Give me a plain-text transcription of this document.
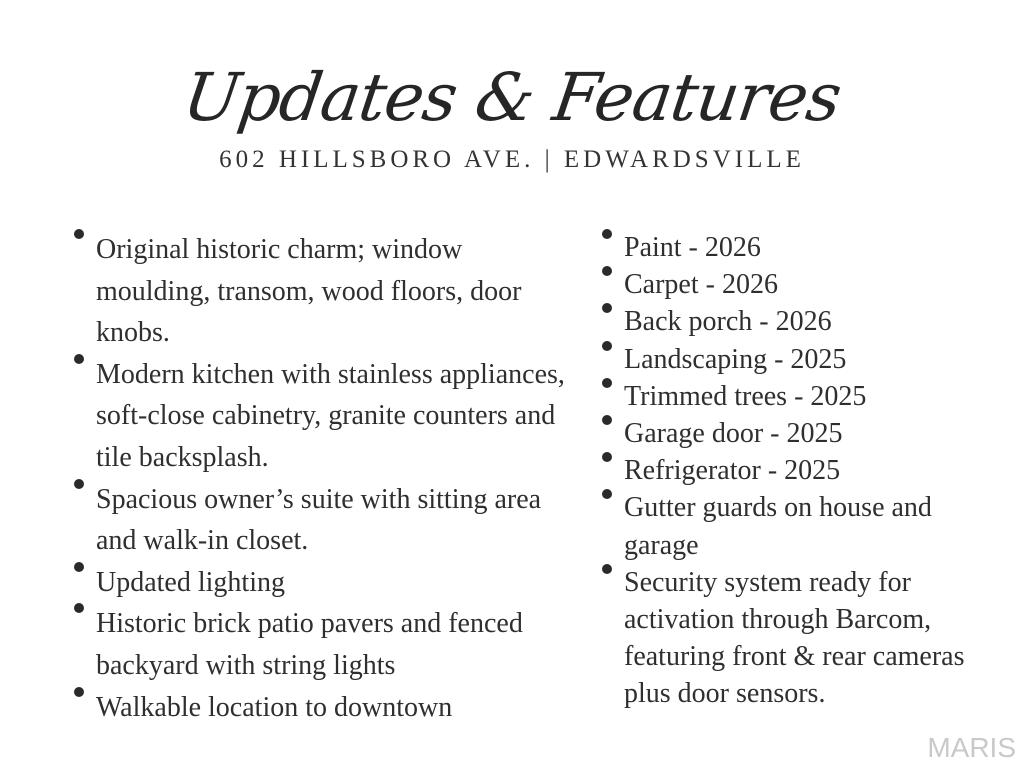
Updates & Features
602 HILLSBORO AVE. | EDWARDSVILLE
Original historic charm; window moulding, transom, wood floors, door knobs.
Modern kitchen with stainless appliances, soft-close cabinetry, granite counters and tile backsplash.
Spacious owner’s suite with sitting area and walk-in closet.
Updated lighting
Historic brick patio pavers and fenced backyard with string lights
Walkable location to downtown
Paint - 2026
Carpet - 2026
Back porch - 2026
Landscaping - 2025
Trimmed trees - 2025
Garage door - 2025
Refrigerator - 2025
Gutter guards on house and garage
Security system ready for activation through Barcom, featuring front & rear cameras plus door sensors.
MARIS
